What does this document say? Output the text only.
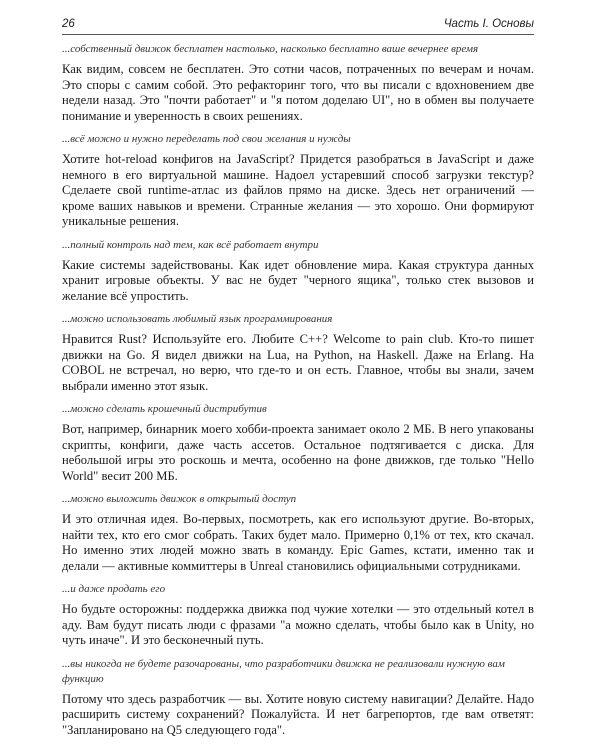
26	Часть I. Основы
...собственный движок бесплатен настолько, насколько бесплатно ваше вечернее время
Как видим, совсем не бесплатен. Это сотни часов, потраченных по вечерам и ночам. Это споры с самим собой. Это рефакторинг того, что вы писали с вдохновением две недели назад. Это "почти работает" и "я потом доделаю UI", но в обмен вы получаете понимание и уверенность в своих решениях.
...всё можно и нужно переделать под свои желания и нужды
Хотите hot-reload конфигов на JavaScript? Придется разобраться в JavaScript и даже немного в его виртуальной машине. Надоел устаревший способ загрузки текстур? Сделаете свой runtime-атлас из файлов прямо на диске. Здесь нет ограничений — кроме ваших навыков и времени. Странные желания — это хорошо. Они формируют уникальные решения.
...полный контроль над тем, как всё работает внутри
Какие системы задействованы. Как идет обновление мира. Какая структура данных хранит игровые объекты. У вас не будет "черного ящика", только стек вызовов и желание всё упростить.
...можно использовать любимый язык программирования
Нравится Rust? Используйте его. Любите C++? Welcome to pain club. Кто-то пишет движки на Go. Я видел движки на Lua, на Python, на Haskell. Даже на Erlang. На COBOL не встречал, но верю, что где-то и он есть. Главное, чтобы вы знали, зачем выбрали именно этот язык.
...можно сделать крошечный дистрибутив
Вот, например, бинарник моего хобби-проекта занимает около 2 МБ. В него упакованы скрипты, конфиги, даже часть ассетов. Остальное подтягивается с диска. Для небольшой игры это роскошь и мечта, особенно на фоне движков, где только "Hello World" весит 200 МБ.
...можно выложить движок в открытый доступ
И это отличная идея. Во-первых, посмотреть, как его используют другие. Во-вторых, найти тех, кто его смог собрать. Таких будет мало. Примерно 0,1% от тех, кто скачал. Но именно этих людей можно звать в команду. Epic Games, кстати, именно так и делали — активные коммиттеры в Unreal становились официальными сотрудниками.
...и даже продать его
Но будьте осторожны: поддержка движка под чужие хотелки — это отдельный котел в аду. Вам будут писать люди с фразами "а можно сделать, чтобы было как в Unity, но чуть иначе". И это бесконечный путь.
...вы никогда не будете разочарованы, что разработчики движка не реализовали нужную вам функцию
Потому что здесь разработчик — вы. Хотите новую систему навигации? Делайте. Надо расширить систему сохранений? Пожалуйста. И нет багрепортов, где вам ответят: "Запланировано на Q5 следующего года".
